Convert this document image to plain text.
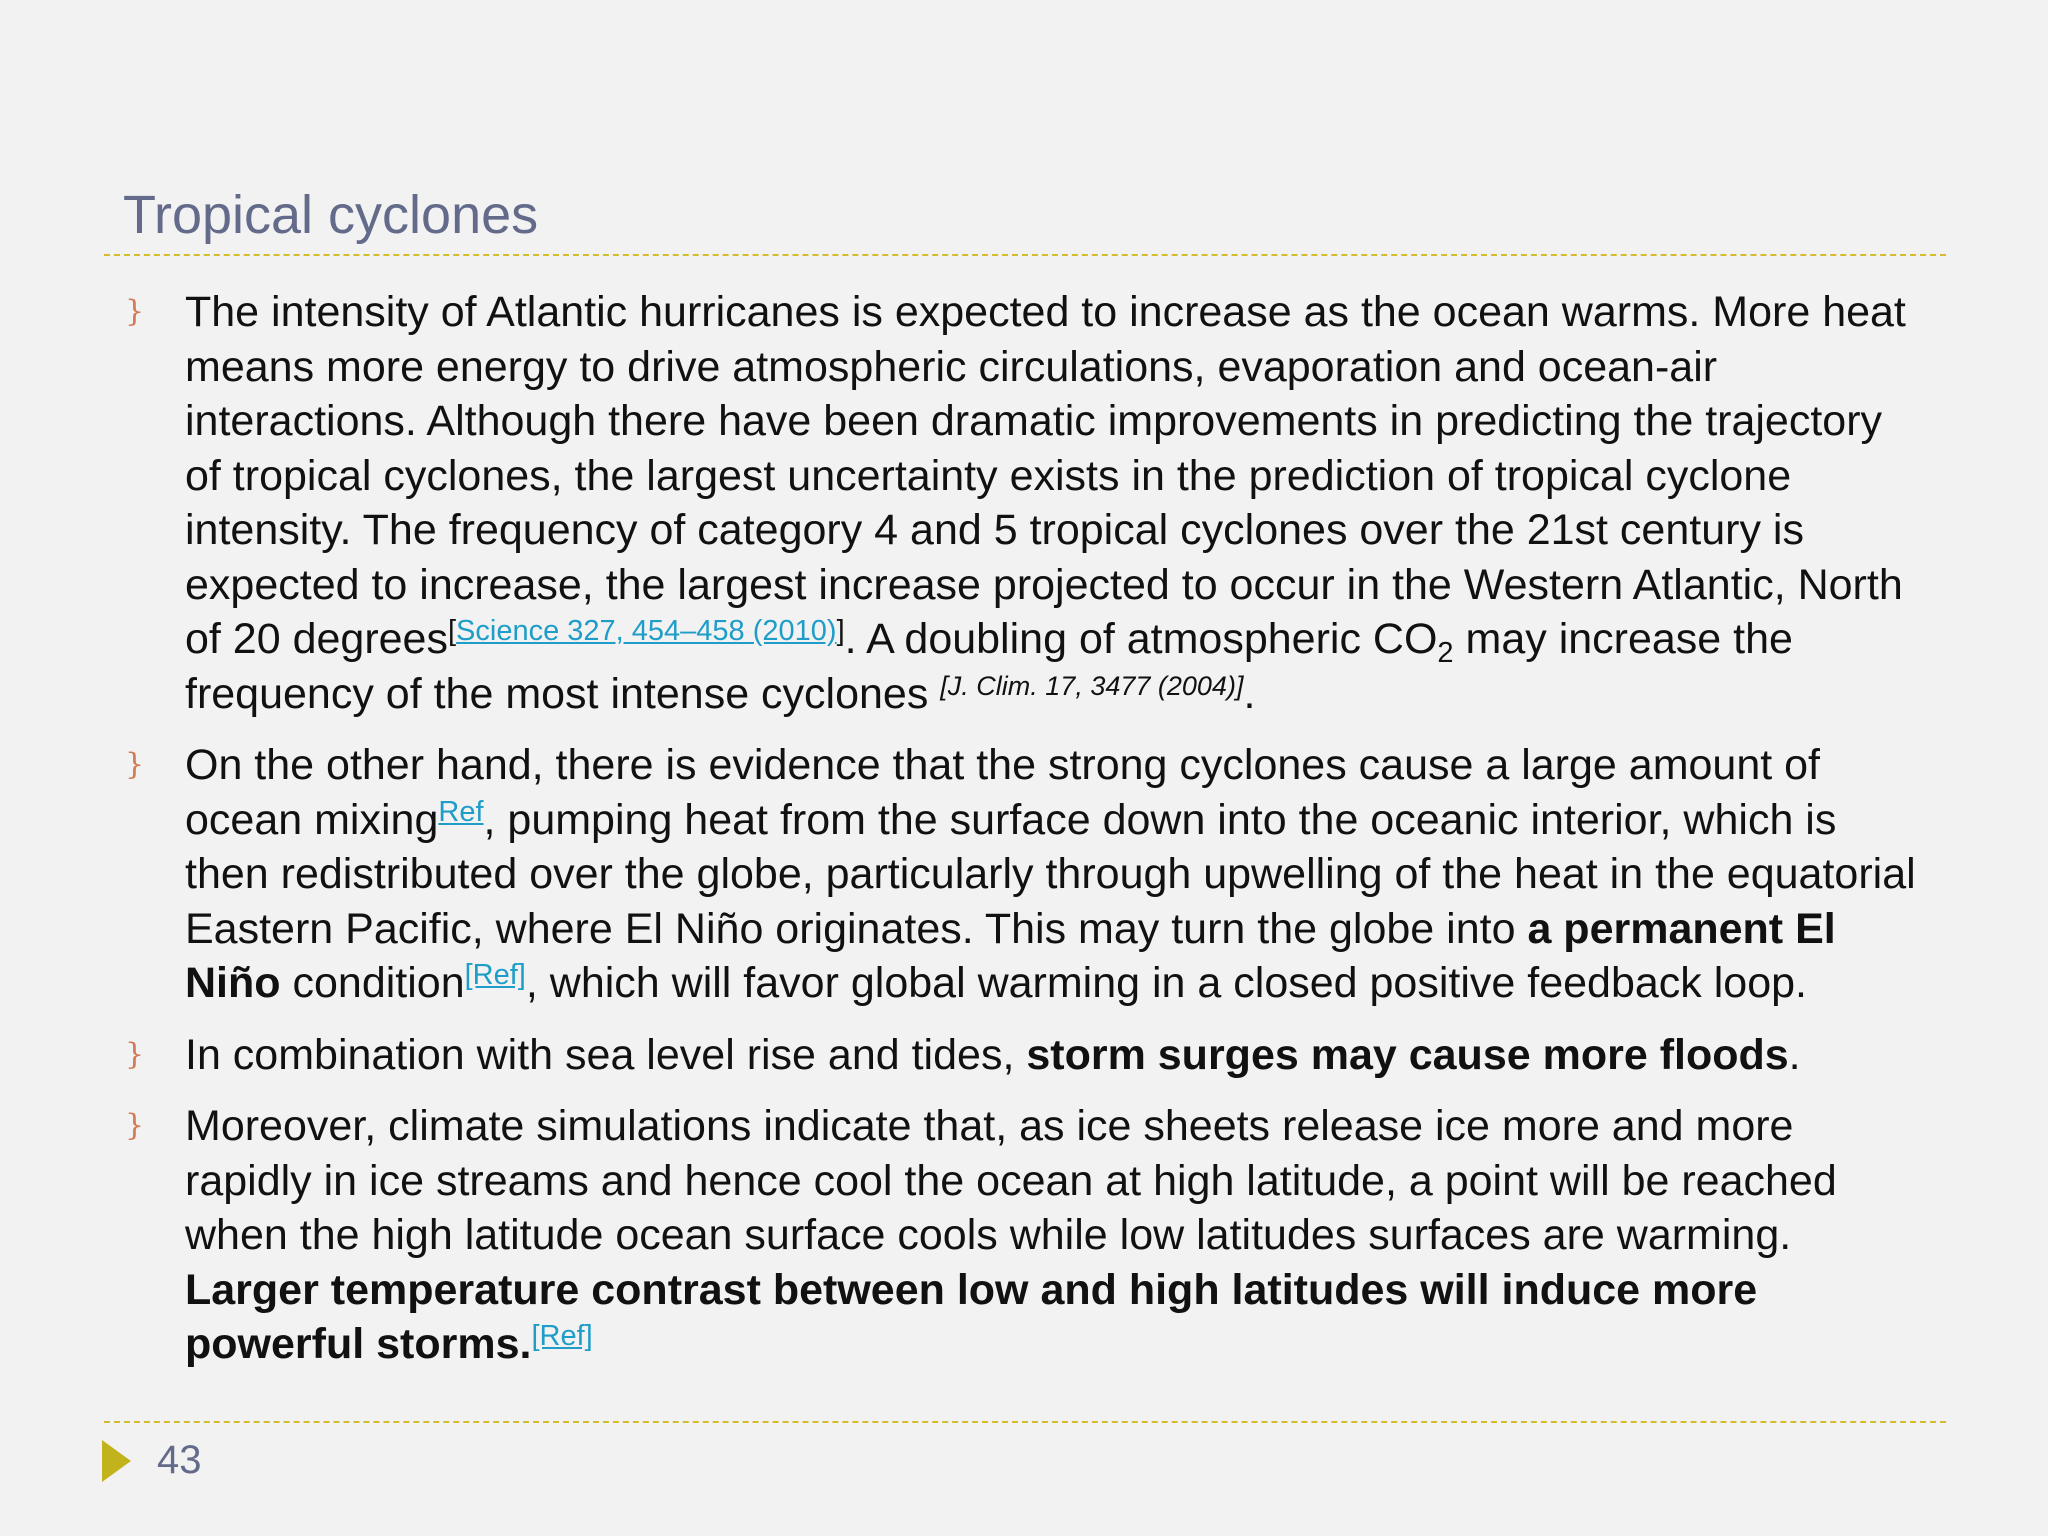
Tropical cyclones
} The intensity of Atlantic hurricanes is expected to increase as the ocean warms. More heat means more energy to drive atmospheric circulations, evaporation and ocean-air interactions. Although there have been dramatic improvements in predicting the trajectory of tropical cyclones, the largest uncertainty exists in the prediction of tropical cyclone intensity. The frequency of category 4 and 5 tropical cyclones over the 21st century is expected to increase, the largest increase projected to occur in the Western Atlantic, North of 20 degrees[Science 327, 454–458 (2010)]. A doubling of atmospheric $CO_2$ may increase the frequency of the most intense cyclones [J. Clim. 17, 3477 (2004)].
} On the other hand, there is evidence that the strong cyclones cause a large amount of ocean mixing$^{Ref}$, pumping heat from the surface down into the oceanic interior, which is then redistributed over the globe, particularly through upwelling of the heat in the equatorial Eastern Pacific, where El Niño originates. This may turn the globe into a permanent El Niño condition[Ref], which will favor global warming in a closed positive feedback loop.
} In combination with sea level rise and tides, storm surges may cause more floods.
} Moreover, climate simulations indicate that, as ice sheets release ice more and more rapidly in ice streams and hence cool the ocean at high latitude, a point will be reached when the high latitude ocean surface cools while low latitudes surfaces are warming. Larger temperature contrast between low and high latitudes will induce more powerful storms.[Ref]
43
